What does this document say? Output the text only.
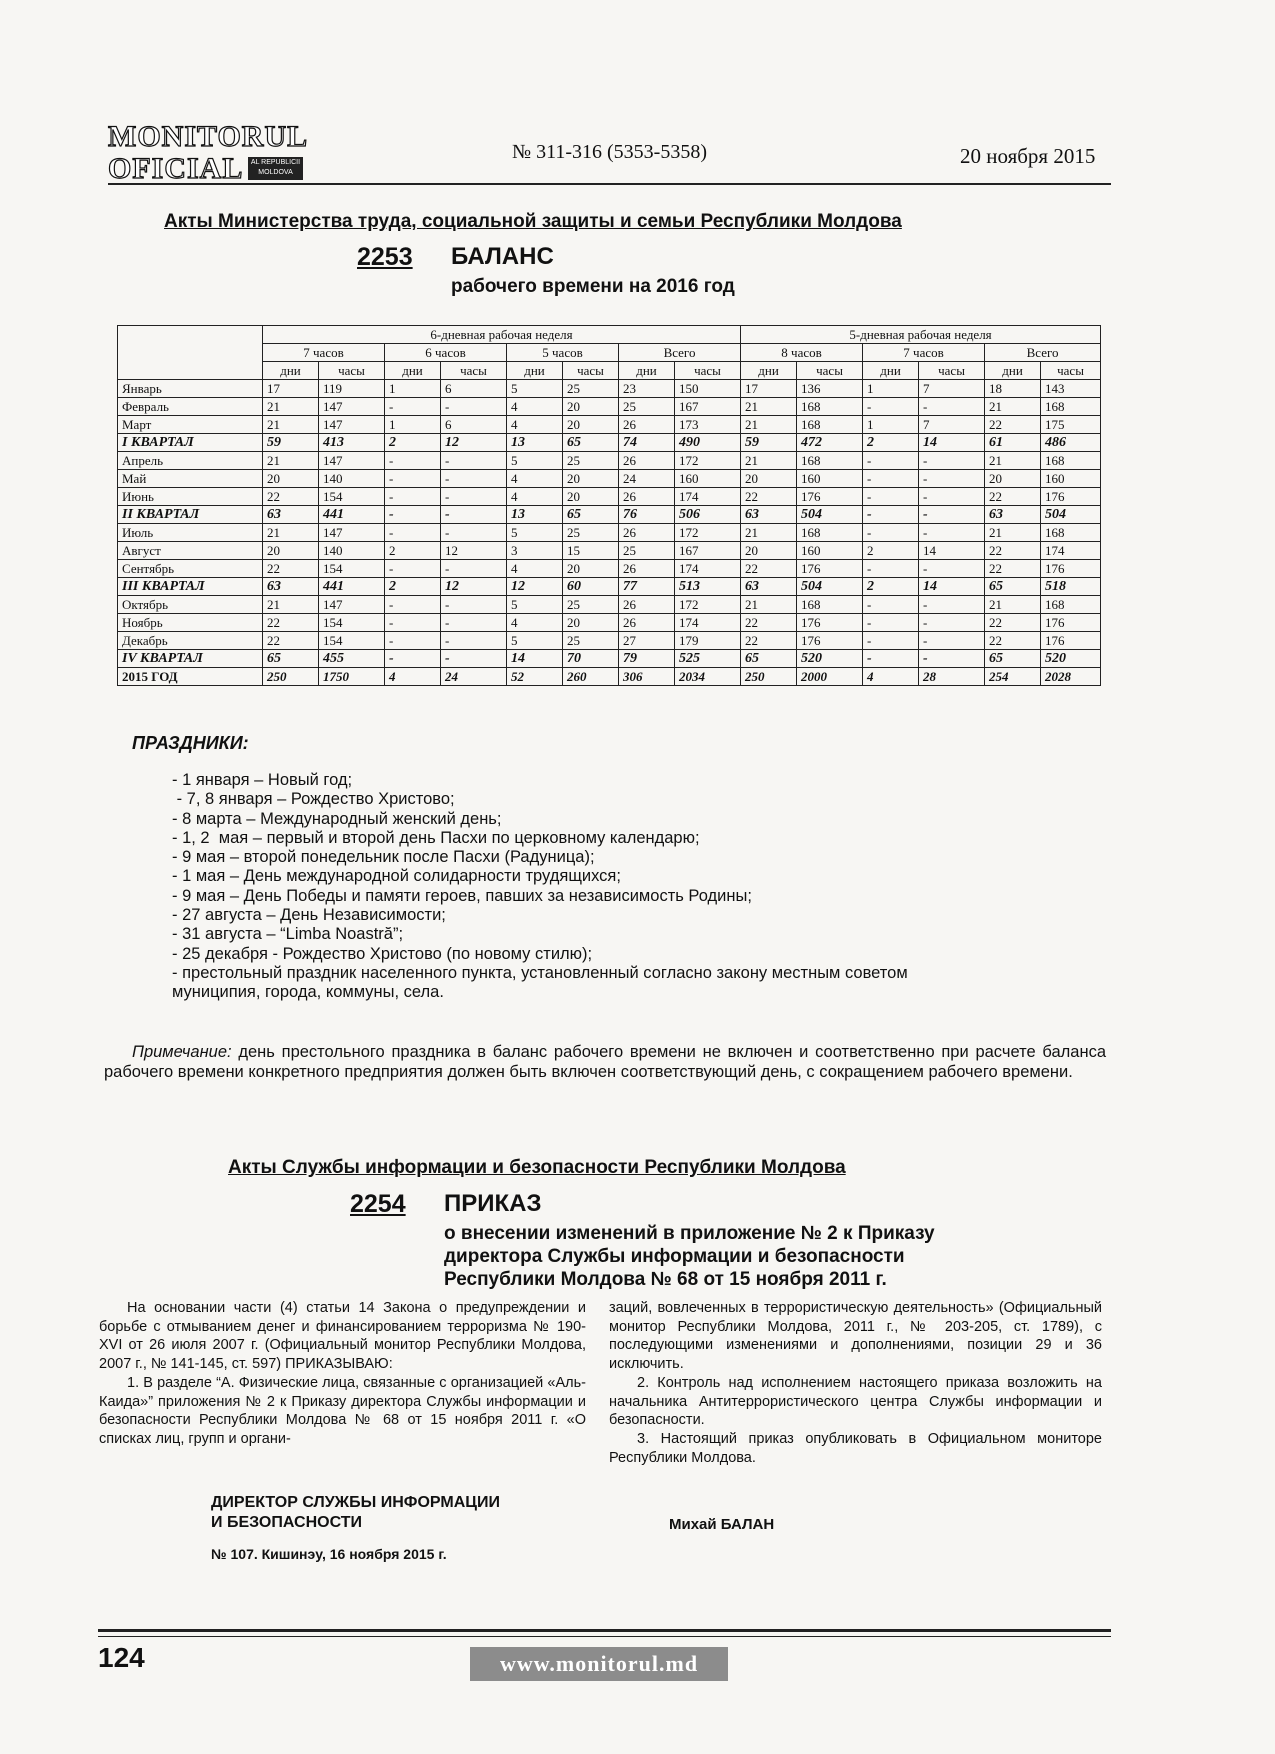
MONITORUL
OFICIAL	AL REPUBLICII MOLDOVA
№ 311-316 (5353-5358)	20 ноября 2015
Акты Министерства труда, социальной защиты и семьи Республики Молдова
2253 БАЛАНС
рабочего времени на 2016 год
	6-дневная рабочая неделя								5-дневная рабочая неделя					
	7 часов		6 часов		5 часов		Всего		8 часов		7 часов		Всего	
	дни	часы	дни	часы	дни	часы	дни	часы	дни	часы	дни	часы	дни	часы
Январь	17	119	1	6	5	25	23	150	17	136	1	7	18	143
Февраль	21	147	-	-	4	20	25	167	21	168	-	-	21	168
Март	21	147	1	6	4	20	26	173	21	168	1	7	22	175
I КВАРТАЛ	59	413	2	12	13	65	74	490	59	472	2	14	61	486
Апрель	21	147	-	-	5	25	26	172	21	168	-	-	21	168
Май	20	140	-	-	4	20	24	160	20	160	-	-	20	160
Июнь	22	154	-	-	4	20	26	174	22	176	-	-	22	176
II КВАРТАЛ	63	441	-	-	13	65	76	506	63	504	-	-	63	504
Июль	21	147	-	-	5	25	26	172	21	168	-	-	21	168
Август	20	140	2	12	3	15	25	167	20	160	2	14	22	174
Сентябрь	22	154	-	-	4	20	26	174	22	176	-	-	22	176
III КВАРТАЛ	63	441	2	12	12	60	77	513	63	504	2	14	65	518
Октябрь	21	147	-	-	5	25	26	172	21	168	-	-	21	168
Ноябрь	22	154	-	-	4	20	26	174	22	176	-	-	22	176
Декабрь	22	154	-	-	5	25	27	179	22	176	-	-	22	176
IV КВАРТАЛ	65	455	-	-	14	70	79	525	65	520	-	-	65	520
2015 ГОД	250	1750	4	24	52	260	306	2034	250	2000	4	28	254	2028
ПРАЗДНИКИ:
- 1 января – Новый год;
- 7, 8 января – Рождество Христово;
- 8 марта – Международный женский день;
- 1, 2  мая – первый и второй день Пасхи по церковному календарю;
- 9 мая – второй понедельник после Пасхи (Радуница);
- 1 мая – День международной солидарности трудящихся;
- 9 мая – День Победы и памяти героев, павших за независимость Родины;
- 27 августа – День Независимости;
- 31 августа – “Limba Noastră”;
- 25 декабря - Рождество Христово (по новому стилю);
- престольный праздник населенного пункта, установленный согласно закону местным советом
муниципия, города, коммуны, села.
Примечание: день престольного праздника в баланс рабочего времени не включен и соответственно при расчете баланса рабочего времени конкретного предприятия должен быть включен соответствующий день, с сокращением рабочего времени.
Акты Службы информации и безопасности Республики Молдова
2254 ПРИКАЗ
о внесении изменений в приложение № 2 к Приказу
директора Службы информации и безопасности
Республики Молдова № 68 от 15 ноября 2011 г.

На основании части (4) статьи 14 Закона о предупреждении и борьбе с отмыванием денег и финансированием терроризма № 190-XVI от 26 июля 2007 г. (Официальный монитор Республики Молдова, 2007 г., № 141-145, ст. 597) ПРИКАЗЫВАЮ:

1. В разделе “А. Физические лица, связанные с организацией «Аль-Каида»” приложения № 2 к Приказу директора Службы информации и безопасности Республики Молдова № 68 от 15 ноября 2011 г. «О списках лиц, групп и органи-

заций, вовлеченных в террористическую деятельность» (Официальный монитор Республики Молдова, 2011 г., № 203-205, ст. 1789), с последующими изменениями и дополнениями, позиции 29 и 36 исключить.

2. Контроль над исполнением настоящего приказа возложить на начальника Антитеррористического центра Службы информации и безопасности.

3. Настоящий приказ опубликовать в Официальном мониторе Республики Молдова.

ДИРЕКТОР СЛУЖБЫ ИНФОРМАЦИИ
И БЕЗОПАСНОСТИ	Михай БАЛАН
№ 107. Кишинэу, 16 ноября 2015 г.
124	www.monitorul.md
